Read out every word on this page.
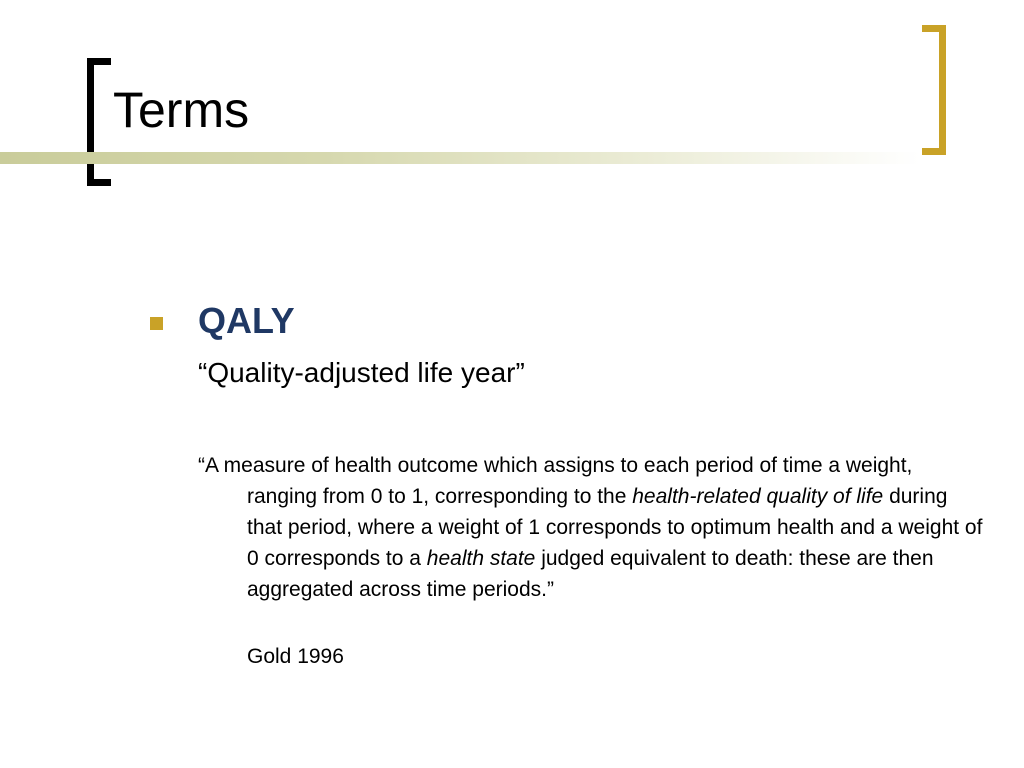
Terms
QALY
“Quality-adjusted life year”

“A measure of health outcome which assigns to each period of time a weight, ranging from 0 to 1, corresponding to the health-related quality of life during that period, where a weight of 1 corresponds to optimum health and a weight of 0 corresponds to a health state judged equivalent to death: these are then aggregated across time periods.”

Gold 1996
